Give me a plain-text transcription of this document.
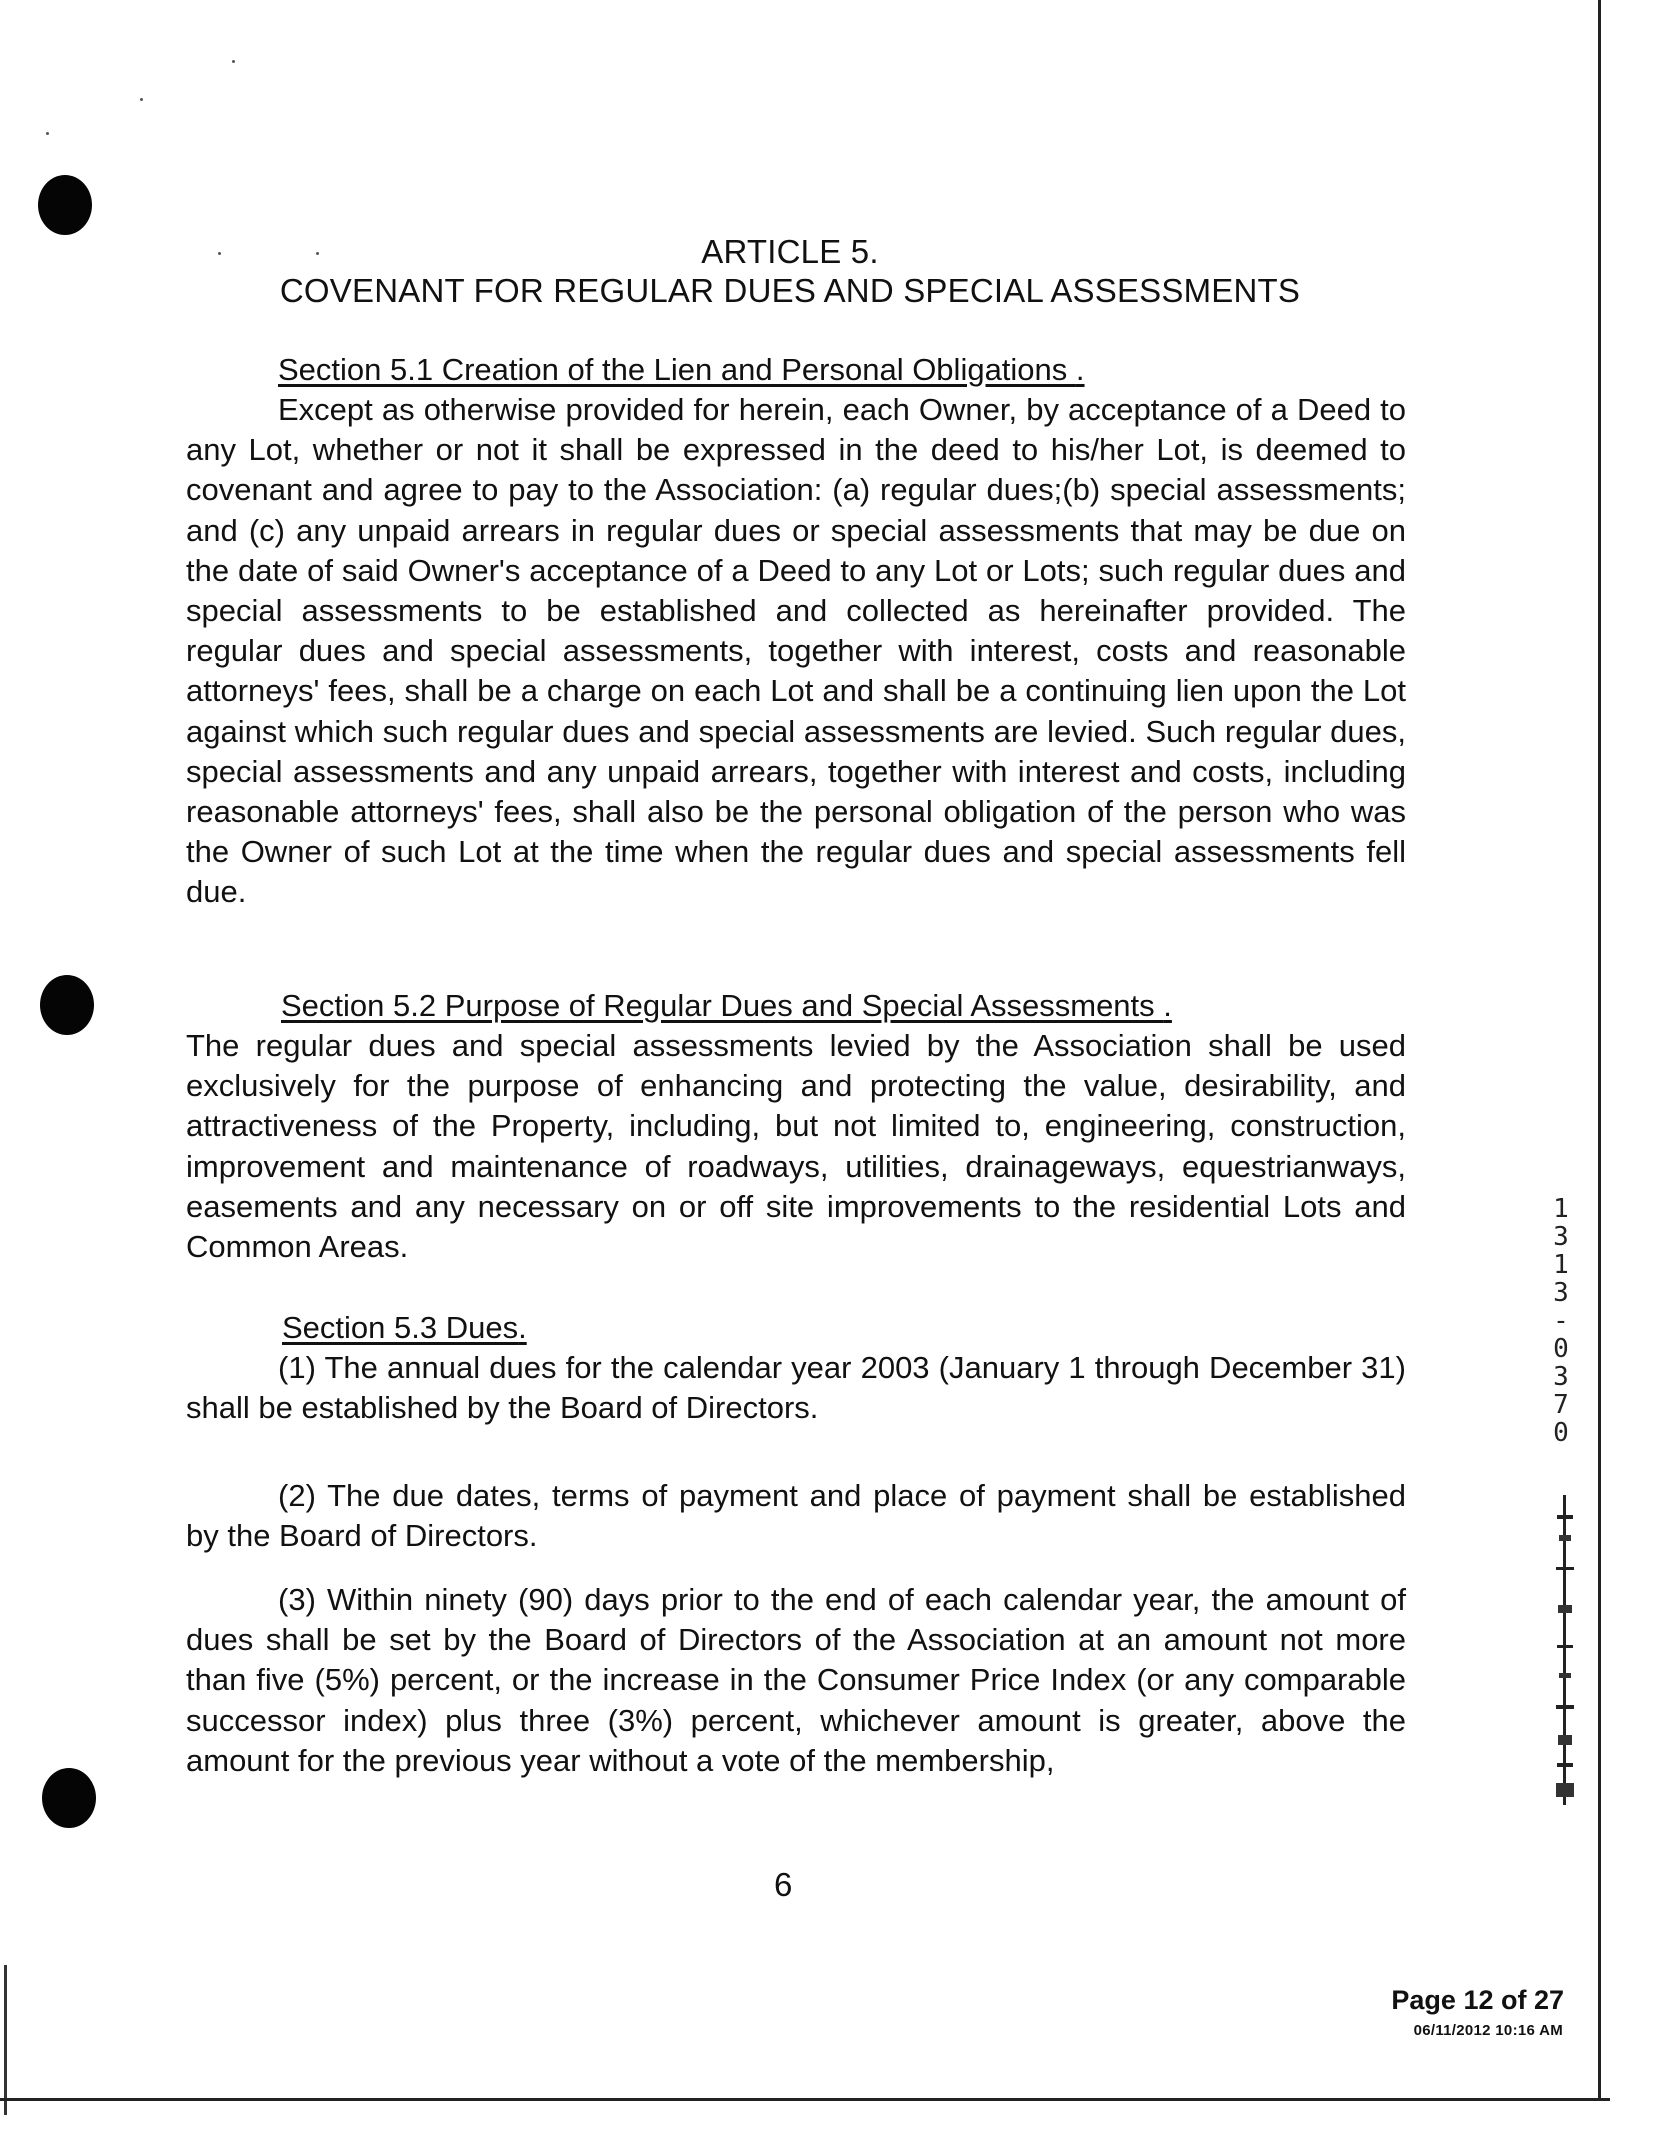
ARTICLE 5.
COVENANT FOR REGULAR DUES AND SPECIAL ASSESSMENTS
Section 5.1 Creation of the Lien and Personal Obligations .
Except as otherwise provided for herein, each Owner, by acceptance of a Deed to any Lot, whether or not it shall be expressed in the deed to his/her Lot, is deemed to covenant and agree to pay to the Association: (a) regular dues;(b) special assessments; and (c) any unpaid arrears in regular dues or special assessments that may be due on the date of said Owner's acceptance of a Deed to any Lot or Lots; such regular dues and special assessments to be established and collected as hereinafter provided. The regular dues and special assessments, together with interest, costs and reasonable attorneys' fees, shall be a charge on each Lot and shall be a continuing lien upon the Lot against which such regular dues and special assessments are levied. Such regular dues, special assessments and any unpaid arrears, together with interest and costs, including reasonable attorneys' fees, shall also be the personal obligation of the person who was the Owner of such Lot at the time when the regular dues and special assessments fell due.
Section 5.2 Purpose of Regular Dues and Special Assessments .
The regular dues and special assessments levied by the Association shall be used exclusively for the purpose of enhancing and protecting the value, desirability, and attractiveness of the Property, including, but not limited to, engineering, construction, improvement and maintenance of roadways, utilities, drainageways, equestrianways, easements and any necessary on or off site improvements to the residential Lots and Common Areas.
Section 5.3 Dues.
(1) The annual dues for the calendar year 2003 (January 1 through December 31) shall be established by the Board of Directors.
(2) The due dates, terms of payment and place of payment shall be established by the Board of Directors.
(3) Within ninety (90) days prior to the end of each calendar year, the amount of dues shall be set by the Board of Directors of the Association at an amount not more than five (5%) percent, or the increase in the Consumer Price Index (or any comparable successor index) plus three (3%) percent, whichever amount is greater, above the amount for the previous year without a vote of the membership,
6
Page 12 of 27
06/11/2012 10:16 AM
1313-0370
